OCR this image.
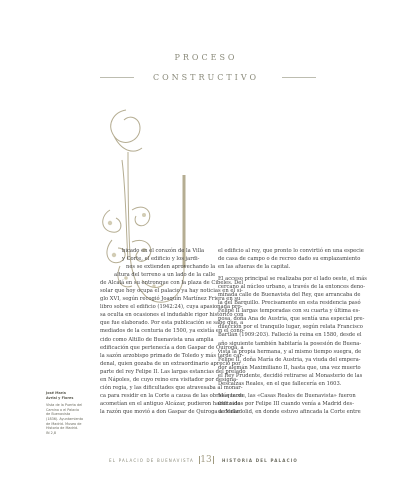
PROCESO
CONSTRUCTIVO

bicado en el corazón de la Villa

y Corte, el edificio y los jardi-

nes se extienden aprovechando la

altura del terreno a un lado de la calle

de Alcalá en su entronque con la plaza de Cibeles. Del

solar que hoy ocupa el palacio ya hay noticias en el si-

glo XVI, según recogió Joaquín Martínez Friera en su

libro sobre el edificio (1942:24), cuya apasionada pro-

sa oculta en ocasiones el indudable rigor histórico con

que fue elaborado. Por esta publicación se sabe que, a

mediados de la centuria de 1500, ya existía en el cono-

cido como Altillo de Buenavista una amplia

edificación que pertenecía a don Gaspar de Quiroga, a

la sazón arzobispo primado de Toledo y más tarde car-

denal, quien gozaba de un extraordinario aprecio por

parte del rey Felipe II. Las largas estancias del prelado

en Nápoles, de cuyo reino era visitador por designa-

ción regia, y las dificultades que atravesaba al monar-

ca para residir en la Corte a causa de las obras que se

acometían en el antiguo Alcázar, pudieron haber sido

la razón que movió a don Gaspar de Quiroga a donar

el edificio al rey, que pronto lo convirtió en una especie

de casa de campo o de recreo dado su emplazamiento

en las afueras de la capital.

El acceso principal se realizaba por el lado oeste, el más

cercano al núcleo urbano, a través de la entonces deno-

minada calle de Buenavista del Rey, que arrancaba de

la del Barquillo. Precisamente en esta residencia pasó

Felipe II largas temporadas con su cuarta y última es-

posa, doña Ana de Austria, que sentía una especial pre-

dilección por el tranquilo lugar, según relata Francisco

Bartlán (1909:203). Falleció la reina en 1580, desde el

año siguiente también habitaría la posesión de Buena-

vista la propia hermana, y al mismo tiempo suegra, de

Felipe II, doña María de Austria, ya viuda del empera-

dor alemán Maximiliano II, hasta que, una vez muerto

el Rey Prudente, decidió retirarse al Monasterio de las

Descalzas Reales, en el que fallecería en 1603.

Más tarde, las «Casas Reales de Buenavista» fueron

utilizadas por Felipe III cuando venía a Madrid des-

de Valladolid, en donde estuvo afincada la Corte entre

José María
Avrial y Flores
Vista de la Puerta del
Camino o el Palacio
de Buenavista
(1836). Ayuntamiento
de Madrid. Museo de
Historia de Madrid.
IN 2,8
EL PALACIO DE BUENAVISTA 13	HISTORIA DEL PALACIO
